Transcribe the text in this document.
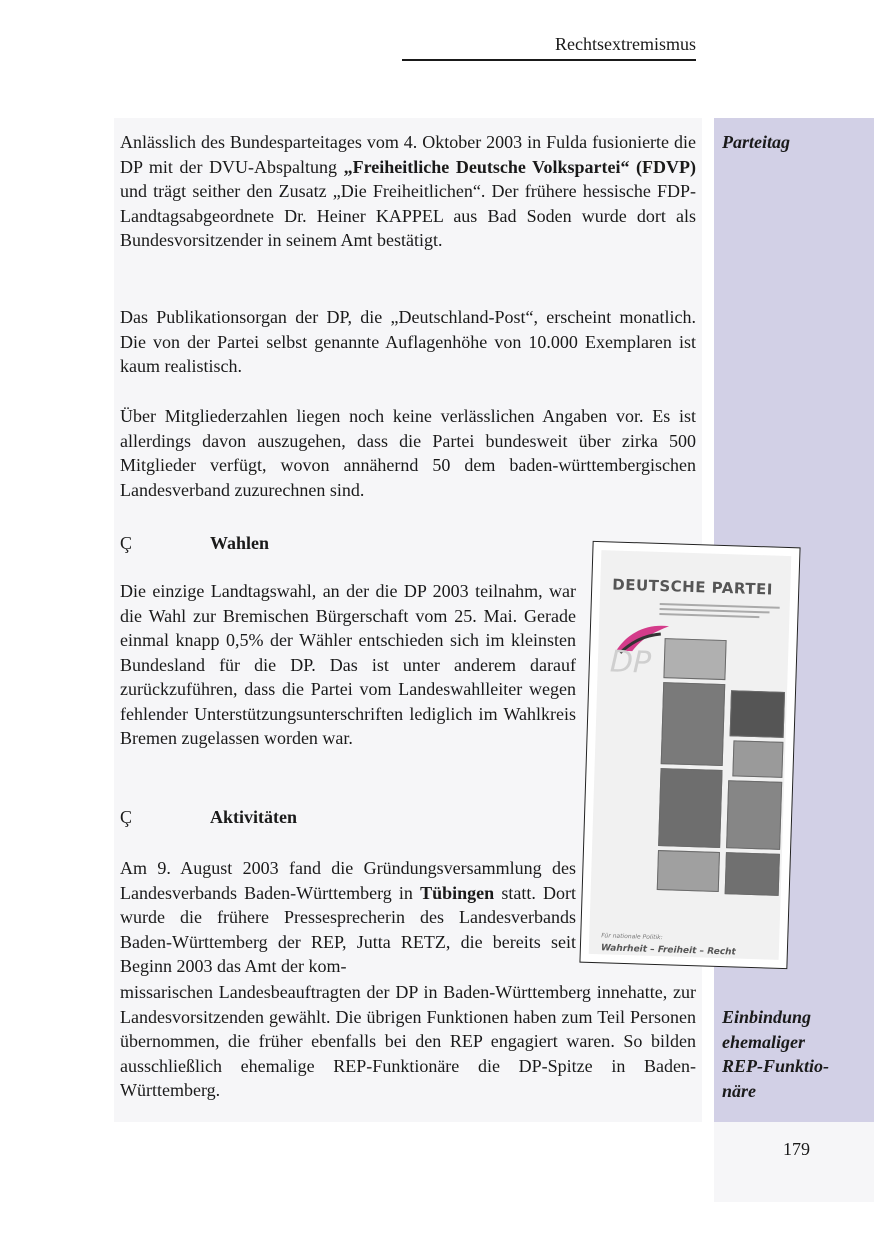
Rechtsextremismus
179
Parteitag
Einbindung
ehemaliger
REP-Funktio-
näre

Anlässlich des Bundesparteitages vom 4. Oktober 2003 in Fulda fusionierte die DP mit der DVU-Abspaltung „Freiheitliche Deutsche Volkspartei“ (FDVP) und trägt seither den Zusatz „Die Freiheitlichen“. Der frühere hessische FDP-Landtagsabgeordnete Dr. Heiner KAPPEL aus Bad Soden wurde dort als Bundesvorsitzender in seinem Amt bestätigt.

Das Publikationsorgan der DP, die „Deutschland-Post“, erscheint monatlich. Die von der Partei selbst genannte Auflagenhöhe von 10.000 Exemplaren ist kaum realistisch.

Über Mitgliederzahlen liegen noch keine verlässlichen Angaben vor. Es ist allerdings davon auszugehen, dass die Partei bundesweit über zirka 500 Mitglieder verfügt, wovon annähernd 50 dem baden-württembergischen Landesverband zuzurechnen sind.

Ç	Wahlen

Die einzige Landtagswahl, an der die DP 2003 teilnahm, war die Wahl zur Bremischen Bürgerschaft vom 25. Mai. Gerade einmal knapp 0,5% der Wähler entschieden sich im kleinsten Bundesland für die DP. Das ist unter anderem darauf zurückzuführen, dass die Partei vom Landeswahlleiter wegen fehlender Unterstützungsunterschriften lediglich im Wahlkreis Bremen zugelassen worden war.

Ç	Aktivitäten

Am 9. August 2003 fand die Gründungsversammlung des Landesverbands Baden-Württemberg in Tübingen statt. Dort wurde die frühere Pressesprecherin des Landesverbands Baden-Württemberg der REP, Jutta RETZ, die bereits seit Beginn 2003 das Amt der kom-

missarischen Landesbeauftragten der DP in Baden-Württemberg innehatte, zur Landesvorsitzenden gewählt. Die übrigen Funktionen haben zum Teil Personen übernommen, die früher ebenfalls bei den REP engagiert waren. So bilden ausschließlich ehemalige REP-Funktionäre die DP-Spitze in Baden-Württemberg.

DEUTSCHE PARTEI
DP
Für nationale Politik:
Wahrheit – Freiheit – Recht
